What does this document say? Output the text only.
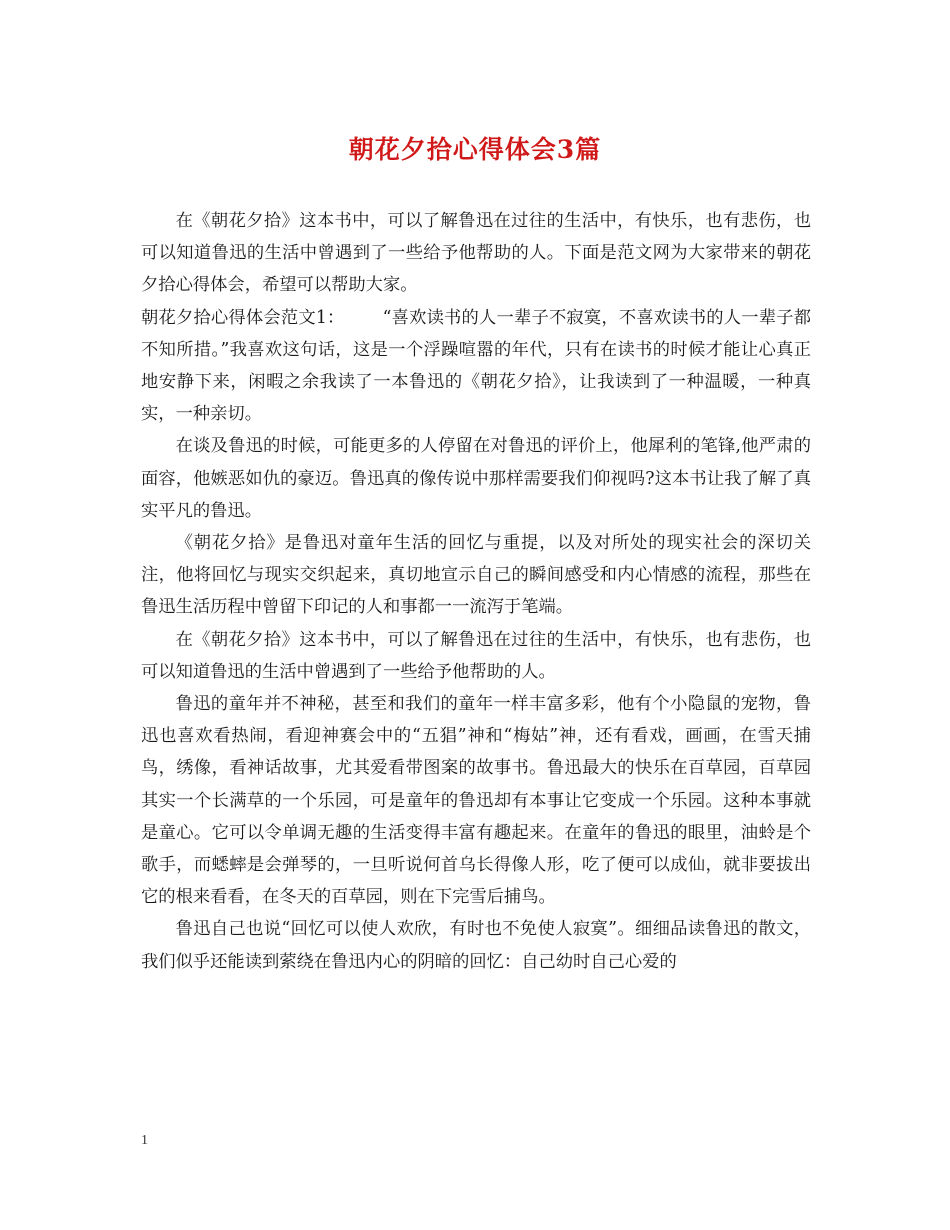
朝花夕拾心得体会3篇

在《朝花夕拾》这本书中，可以了解鲁迅在过往的生活中，有快乐，也有悲伤，也可以知道鲁迅的生活中曾遇到了一些给予他帮助的人。下面是范文网为大家带来的朝花夕拾心得体会，希望可以帮助大家。

朝花夕拾心得体会范文1： “喜欢读书的人一辈子不寂寞，不喜欢读书的人一辈子都不知所措。”我喜欢这句话，这是一个浮躁喧嚣的年代，只有在读书的时候才能让心真正地安静下来，闲暇之余我读了一本鲁迅的《朝花夕拾》，让我读到了一种温暖，一种真实，一种亲切。

在谈及鲁迅的时候，可能更多的人停留在对鲁迅的评价上，他犀利的笔锋,他严肃的面容，他嫉恶如仇的豪迈。鲁迅真的像传说中那样需要我们仰视吗?这本书让我了解了真实平凡的鲁迅。

《朝花夕拾》是鲁迅对童年生活的回忆与重提，以及对所处的现实社会的深切关注，他将回忆与现实交织起来，真切地宣示自己的瞬间感受和内心情感的流程，那些在鲁迅生活历程中曾留下印记的人和事都一一流泻于笔端。

在《朝花夕拾》这本书中，可以了解鲁迅在过往的生活中，有快乐，也有悲伤，也可以知道鲁迅的生活中曾遇到了一些给予他帮助的人。

鲁迅的童年并不神秘，甚至和我们的童年一样丰富多彩，他有个小隐鼠的宠物，鲁迅也喜欢看热闹，看迎神赛会中的“五猖”神和“梅姑”神，还有看戏，画画，在雪天捕鸟，绣像，看神话故事，尤其爱看带图案的故事书。鲁迅最大的快乐在百草园，百草园其实一个长满草的一个乐园，可是童年的鲁迅却有本事让它变成一个乐园。这种本事就是童心。它可以令单调无趣的生活变得丰富有趣起来。在童年的鲁迅的眼里，油蛉是个歌手，而蟋蟀是会弹琴的，一旦听说何首乌长得像人形，吃了便可以成仙，就非要拔出它的根来看看，在冬天的百草园，则在下完雪后捕鸟。

鲁迅自己也说“回忆可以使人欢欣，有时也不免使人寂寞”。细细品读鲁迅的散文，我们似乎还能读到萦绕在鲁迅内心的阴暗的回忆：自己幼时自己心爱的

1
